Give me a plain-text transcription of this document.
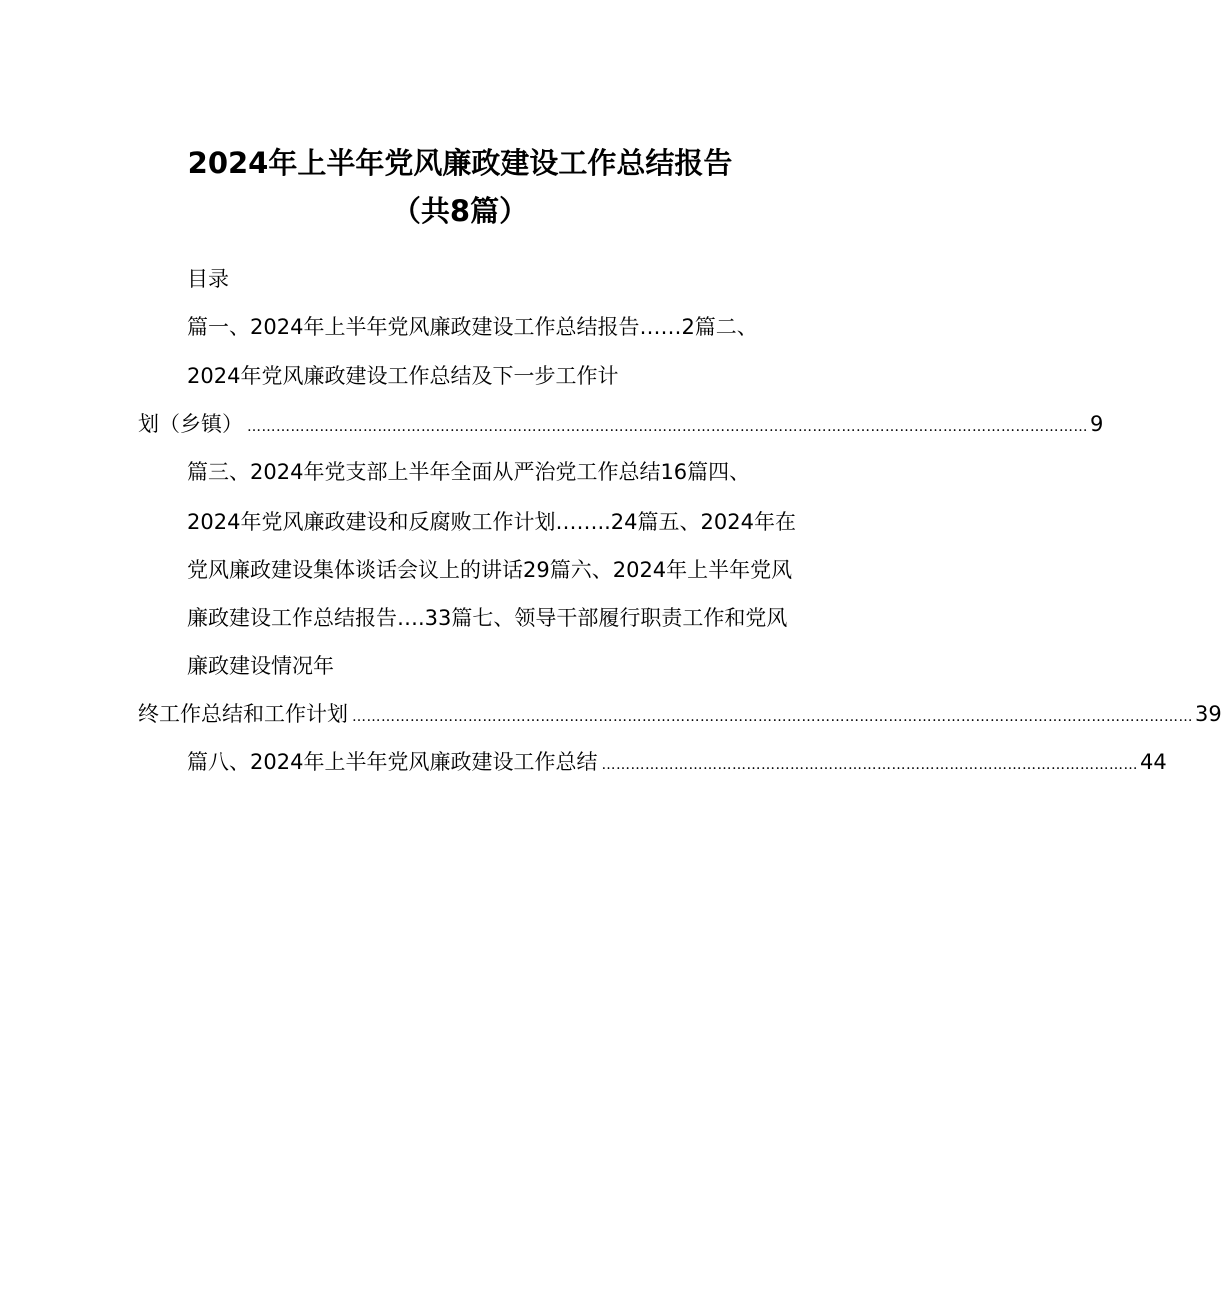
2024年上半年党风廉政建设工作总结报告
（共8篇）
目录
篇一、2024年上半年党风廉政建设工作总结报告……2篇二、
2024年党风廉政建设工作总结及下一步工作计
划（乡镇） ………………………………………………………………………………………………………………………………………………………… 9
篇三、2024年党支部上半年全面从严治党工作总结16篇四、
2024年党风廉政建设和反腐败工作计划……..24篇五、2024年在
党风廉政建设集体谈话会议上的讲话29篇六、2024年上半年党风
廉政建设工作总结报告….33篇七、领导干部履行职责工作和党风
廉政建设情况年
终工作总结和工作计划 ………………………………………………………………………………………………………………………………………………………… 39
篇八、2024年上半年党风廉政建设工作总结 ………………………………………………………………………………………………… 44
